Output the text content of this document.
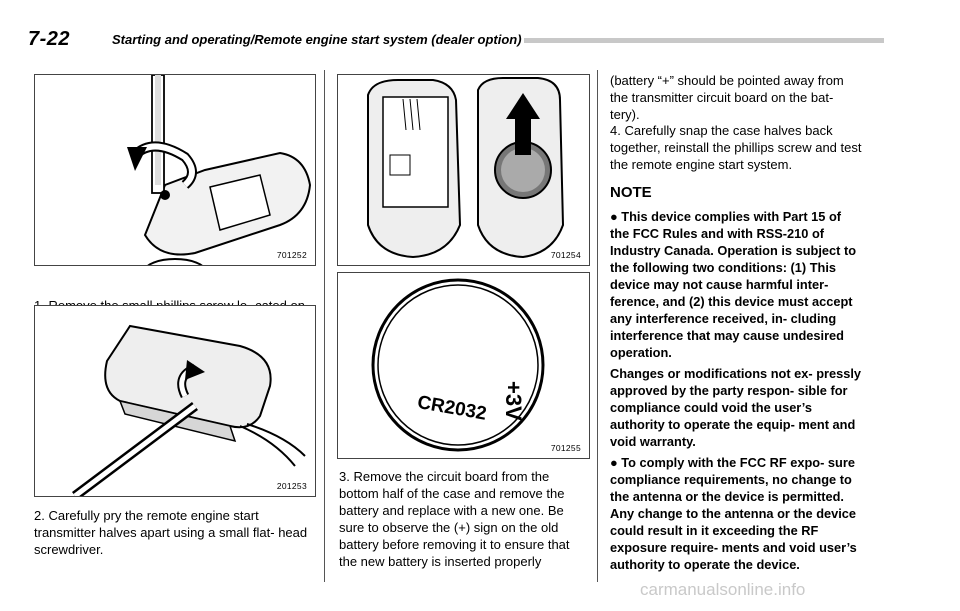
7-22	Starting and operating/Remote engine start system (dealer option)
701252
201253
2. Carefully pry the remote engine start transmitter halves apart using a small flat- head screwdriver.
701254
CR2032 +3V
701255
3. Remove the circuit board from the bottom half of the case and remove the battery and replace with a new one. Be sure to observe the (+) sign on the old battery before removing it to ensure that the new battery is inserted properly
(battery “+” should be pointed away from the transmitter circuit board on the bat- tery).
4. Carefully snap the case halves back together, reinstall the phillips screw and test the remote engine start system.
NOTE

● This device complies with Part 15 of the FCC Rules and with RSS-210 of Industry Canada. Operation is subject to the following two conditions: (1) This device may not cause harmful inter- ference, and (2) this device must accept any interference received, in- cluding interference that may cause undesired operation.

Changes or modifications not ex- pressly approved by the party respon- sible for compliance could void the user’s authority to operate the equip- ment and void warranty.

● To comply with the FCC RF expo- sure compliance requirements, no change to the antenna or the device is permitted. Any change to the antenna or the device could result in it exceeding the RF exposure require- ments and void user’s authority to operate the device.

carmanualsonline.info
